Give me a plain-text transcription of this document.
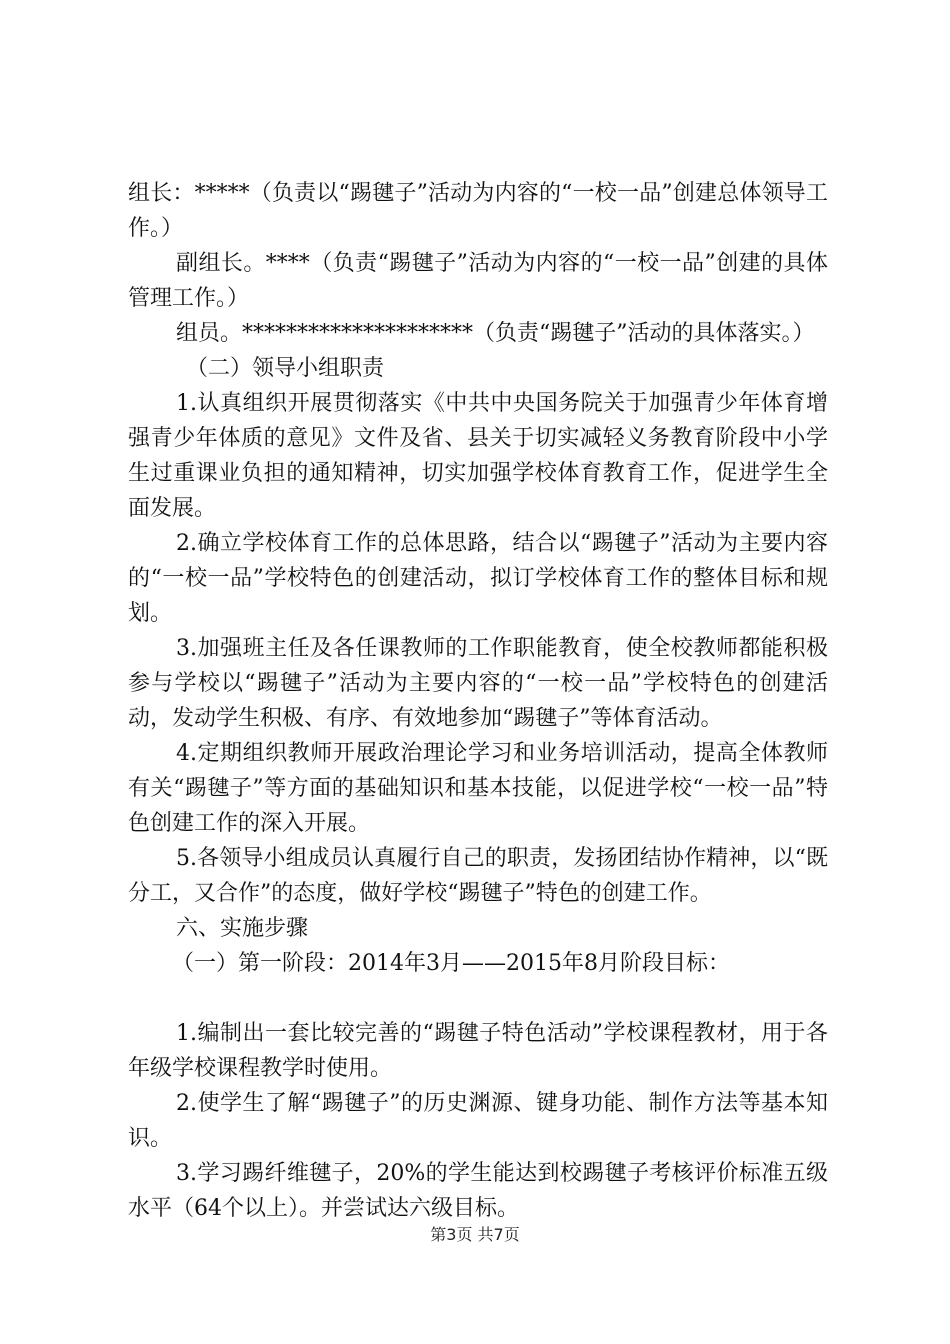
组长：*****（负责以“踢毽子”活动为内容的“一校一品”创建总体领导工作。）

副组长。****（负责“踢毽子”活动为内容的“一校一品”创建的具体管理工作。）

组员。*********************（负责“踢毽子”活动的具体落实。）

（二）领导小组职责

1.认真组织开展贯彻落实《中共中央国务院关于加强青少年体育增强青少年体质的意见》文件及省、县关于切实减轻义务教育阶段中小学生过重课业负担的通知精神，切实加强学校体育教育工作，促进学生全面发展。

2.确立学校体育工作的总体思路，结合以“踢毽子”活动为主要内容的“一校一品”学校特色的创建活动，拟订学校体育工作的整体目标和规划。

3.加强班主任及各任课教师的工作职能教育，使全校教师都能积极参与学校以“踢毽子”活动为主要内容的“一校一品”学校特色的创建活动，发动学生积极、有序、有效地参加“踢毽子”等体育活动。

4.定期组织教师开展政治理论学习和业务培训活动，提高全体教师有关“踢毽子”等方面的基础知识和基本技能，以促进学校“一校一品”特色创建工作的深入开展。

5.各领导小组成员认真履行自己的职责，发扬团结协作精神，以“既分工，又合作”的态度，做好学校“踢毽子”特色的创建工作。

六、实施步骤

（一）第一阶段：2014年3月——2015年8月阶段目标：

1.编制出一套比较完善的“踢毽子特色活动”学校课程教材，用于各年级学校课程教学时使用。

2.使学生了解“踢毽子”的历史渊源、键身功能、制作方法等基本知识。

3.学习踢纤维毽子，20%的学生能达到校踢毽子考核评价标准五级水平（64个以上）。并尝试达六级目标。

第3页 共7页
